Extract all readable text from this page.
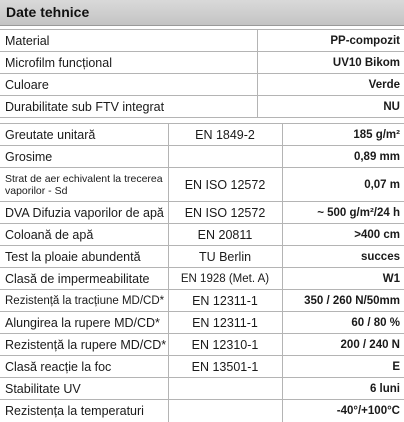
Date tehnice
Material	PP-compozit
Microfilm funcțional	UV10 Bikom
Culoare	Verde
Durabilitate sub FTV integrat	NU
Greutate unitară	EN 1849-2	185 g/m²
Grosime		0,89 mm
Strat de aer echivalent la trecerea vaporilor - Sd	EN ISO 12572	0,07 m
DVA Difuzia vaporilor de apă	EN ISO 12572	~ 500 g/m²/24 h
Coloană de apă	EN 20811	>400 cm
Test la ploaie abundentă	TU Berlin	succes
Clasă de impermeabilitate	EN 1928 (Met. A)	W1
Rezistență la tracțiune MD/CD*	EN 12311-1	350 / 260 N/50mm
Alungirea la rupere MD/CD*	EN 12311-1	60 / 80 %
Rezistență la rupere MD/CD*	EN 12310-1	200 / 240 N
Clasă reacție la foc	EN 13501-1	E
Stabilitate UV		6 luni
Rezistența la temperaturi		-40°/+100°C
